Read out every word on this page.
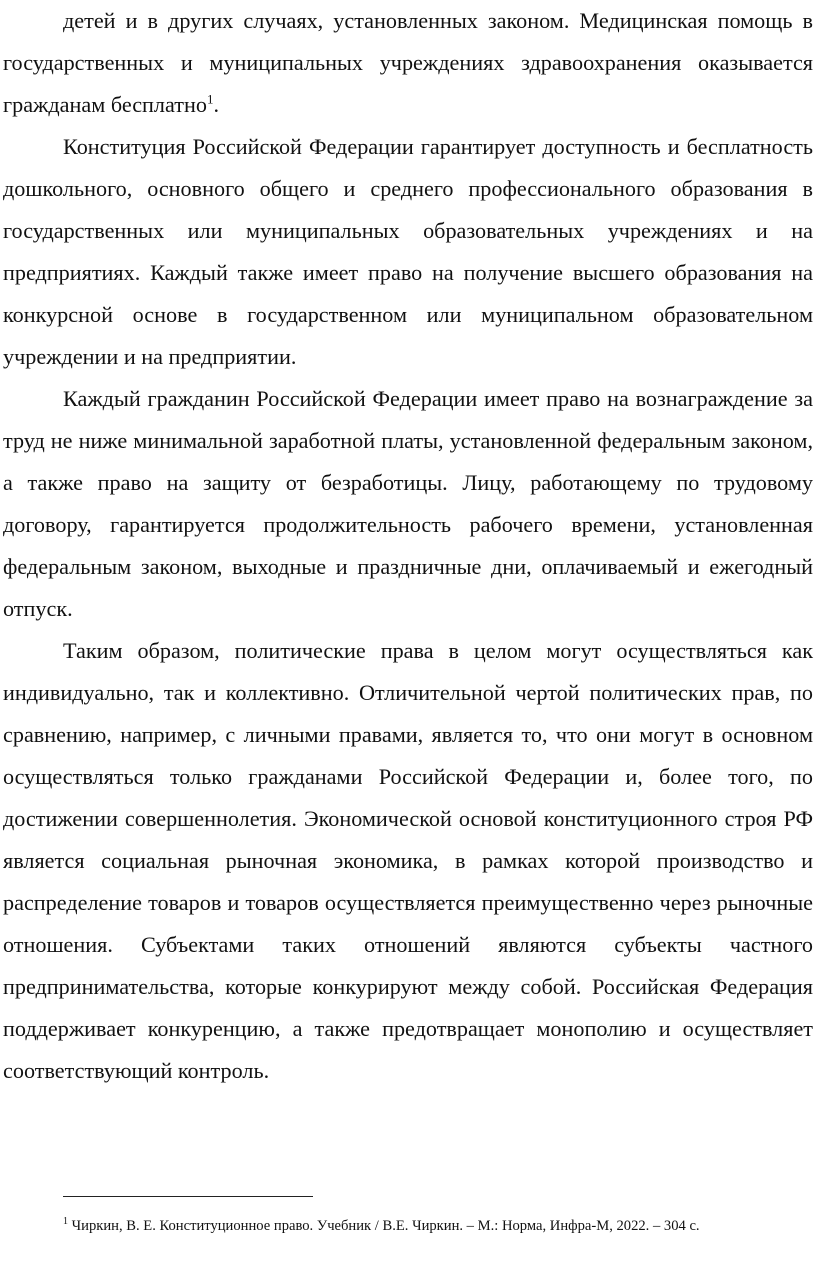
детей и в других случаях, установленных законом. Медицинская помощь в государственных и муниципальных учреждениях здравоохранения оказывается гражданам бесплатно$^1$.

Конституция Российской Федерации гарантирует доступность и бесплатность дошкольного, основного общего и среднего профессионального образования в государственных или муниципальных образовательных учреждениях и на предприятиях. Каждый также имеет право на получение высшего образования на конкурсной основе в государственном или муниципальном образовательном учреждении и на предприятии.

Каждый гражданин Российской Федерации имеет право на вознаграждение за труд не ниже минимальной заработной платы, установленной федеральным законом, а также право на защиту от безработицы. Лицу, работающему по трудовому договору, гарантируется продолжительность рабочего времени, установленная федеральным законом, выходные и праздничные дни, оплачиваемый и ежегодный отпуск.

Таким образом, политические права в целом могут осуществляться как индивидуально, так и коллективно. Отличительной чертой политических прав, по сравнению, например, с личными правами, является то, что они могут в основном осуществляться только гражданами Российской Федерации и, более того, по достижении совершеннолетия. Экономической основой конституционного строя РФ является социальная рыночная экономика, в рамках которой производство и распределение товаров и товаров осуществляется преимущественно через рыночные отношения. Субъектами таких отношений являются субъекты частного предпринимательства, которые конкурируют между собой. Российская Федерация поддерживает конкуренцию, а также предотвращает монополию и осуществляет соответствующий контроль.

$^1$ Чиркин, В. Е. Конституционное право. Учебник / В.Е. Чиркин. – М.: Норма, Инфра-М, 2022. – 304 с.
